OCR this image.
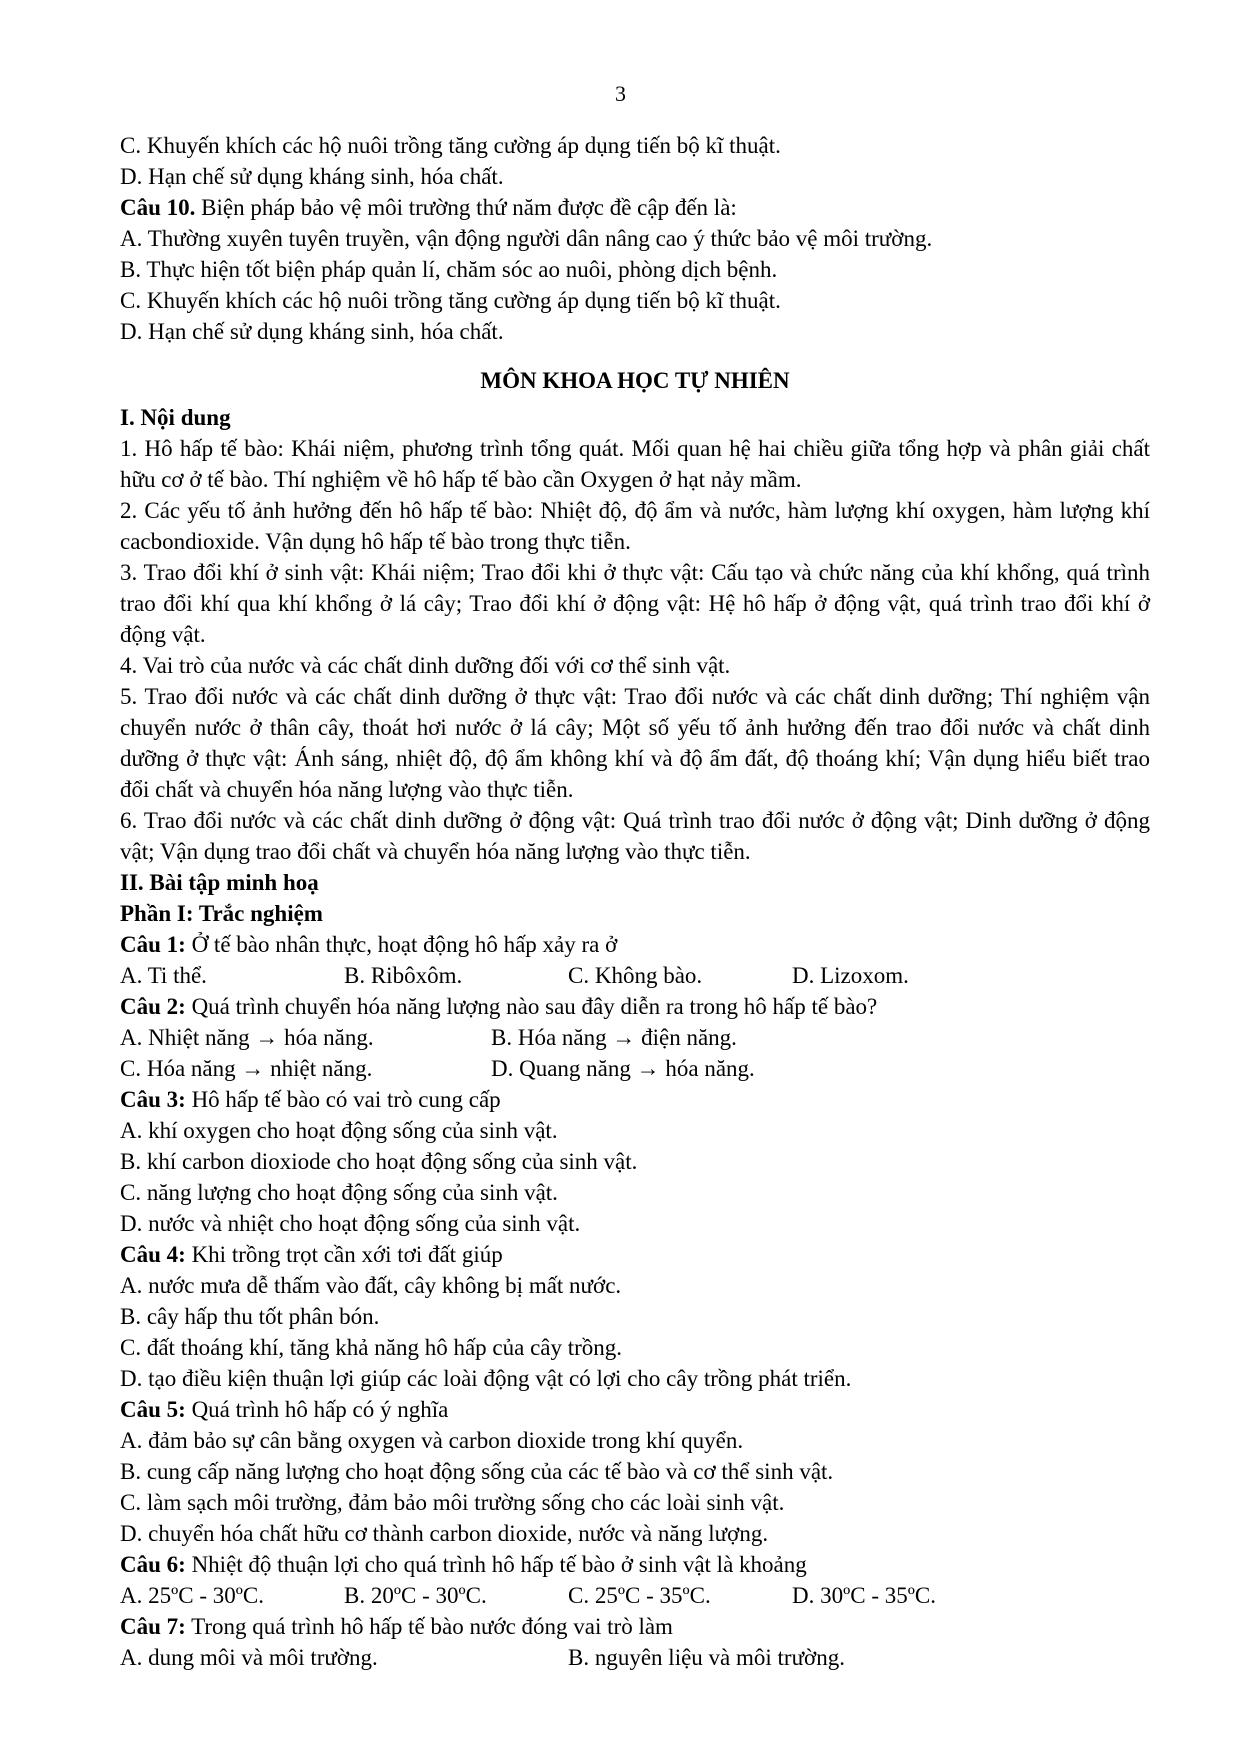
3
C. Khuyến khích các hộ nuôi trồng tăng cường áp dụng tiến bộ kĩ thuật.
D. Hạn chế sử dụng kháng sinh, hóa chất.
Câu 10. Biện pháp bảo vệ môi trường thứ năm được đề cập đến là:
A. Thường xuyên tuyên truyền, vận động người dân nâng cao ý thức bảo vệ môi trường.
B. Thực hiện tốt biện pháp quản lí, chăm sóc ao nuôi, phòng dịch bệnh.
C. Khuyến khích các hộ nuôi trồng tăng cường áp dụng tiến bộ kĩ thuật.
D. Hạn chế sử dụng kháng sinh, hóa chất.
MÔN KHOA HỌC TỰ NHIÊN
I. Nội dung
1. Hô hấp tế bào: Khái niệm, phương trình tổng quát. Mối quan hệ hai chiều giữa tổng hợp và phân giải chất hữu cơ ở tế bào. Thí nghiệm về hô hấp tế bào cần Oxygen ở hạt nảy mầm.
2. Các yếu tố ảnh hưởng đến hô hấp tế bào: Nhiệt độ, độ ẩm và nước, hàm lượng khí oxygen, hàm lượng khí cacbondioxide. Vận dụng hô hấp tế bào trong thực tiễn.
3. Trao đổi khí ở sinh vật: Khái niệm; Trao đổi khi ở thực vật: Cấu tạo và chức năng của khí khổng, quá trình trao đổi khí qua khí khổng ở lá cây; Trao đổi khí ở động vật: Hệ hô hấp ở động vật, quá trình trao đổi khí ở động vật.
4. Vai trò của nước và các chất dinh dưỡng đối với cơ thể sinh vật.
5. Trao đổi nước và các chất dinh dưỡng ở thực vật: Trao đổi nước và các chất dinh dưỡng; Thí nghiệm vận chuyển nước ở thân cây, thoát hơi nước ở lá cây; Một số yếu tố ảnh hưởng đến trao đổi nước và chất dinh dưỡng ở thực vật: Ánh sáng, nhiệt độ, độ ẩm không khí và độ ẩm đất, độ thoáng khí; Vận dụng hiểu biết trao đổi chất và chuyển hóa năng lượng vào thực tiễn.
6. Trao đổi nước và các chất dinh dưỡng ở động vật: Quá trình trao đổi nước ở động vật; Dinh dưỡng ở động vật; Vận dụng trao đổi chất và chuyển hóa năng lượng vào thực tiễn.
II. Bài tập minh hoạ
Phần I: Trắc nghiệm
Câu 1: Ở tế bào nhân thực, hoạt động hô hấp xảy ra ở
A. Ti thể.	B. Ribôxôm.	C. Không bào.	D. Lizoxom.
Câu 2: Quá trình chuyển hóa năng lượng nào sau đây diễn ra trong hô hấp tế bào?
A. Nhiệt năng → hóa năng.	B. Hóa năng → điện năng.
C. Hóa năng → nhiệt năng.	D. Quang năng → hóa năng.
Câu 3: Hô hấp tế bào có vai trò cung cấp
A. khí oxygen cho hoạt động sống của sinh vật.
B. khí carbon dioxiode cho hoạt động sống của sinh vật.
C. năng lượng cho hoạt động sống của sinh vật.
D. nước và nhiệt cho hoạt động sống của sinh vật.
Câu 4: Khi trồng trọt cần xới tơi đất giúp
A. nước mưa dễ thấm vào đất, cây không bị mất nước.
B. cây hấp thu tốt phân bón.
C. đất thoáng khí, tăng khả năng hô hấp của cây trồng.
D. tạo điều kiện thuận lợi giúp các loài động vật có lợi cho cây trồng phát triển.
Câu 5: Quá trình hô hấp có ý nghĩa
A. đảm bảo sự cân bằng oxygen và carbon dioxide trong khí quyển.
B. cung cấp năng lượng cho hoạt động sống của các tế bào và cơ thể sinh vật.
C. làm sạch môi trường, đảm bảo môi trường sống cho các loài sinh vật.
D. chuyển hóa chất hữu cơ thành carbon dioxide, nước và năng lượng.
Câu 6: Nhiệt độ thuận lợi cho quá trình hô hấp tế bào ở sinh vật là khoảng
A. 25ºC - 30ºC.	B. 20ºC - 30ºC.	C. 25ºC - 35ºC.	D. 30ºC - 35ºC.
Câu 7: Trong quá trình hô hấp tế bào nước đóng vai trò làm
A. dung môi và môi trường.	B. nguyên liệu và môi trường.
